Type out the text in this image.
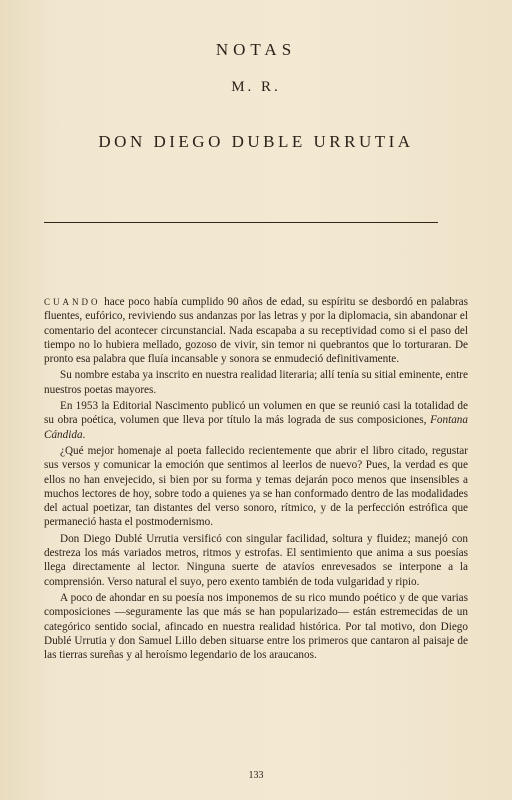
NOTAS
M. R.
DON DIEGO DUBLE URRUTIA

CUANDO hace poco había cumplido 90 años de edad, su espíritu se desbordó en palabras fluentes, eufórico, reviviendo sus andanzas por las letras y por la diplomacia, sin abandonar el comentario del acontecer circunstancial. Nada escapaba a su receptividad como si el paso del tiempo no lo hubiera mellado, gozoso de vivir, sin temor ni quebrantos que lo torturaran. De pronto esa palabra que fluía incansable y sonora se enmudeció definitivamente.

Su nombre estaba ya inscrito en nuestra realidad literaria; allí tenía su sitial eminente, entre nuestros poetas mayores.

En 1953 la Editorial Nascimento publicó un volumen en que se reunió casi la totalidad de su obra poética, volumen que lleva por título la más lograda de sus composiciones, Fontana Cándida.

¿Qué mejor homenaje al poeta fallecido recientemente que abrir el libro citado, regustar sus versos y comunicar la emoción que sentimos al leerlos de nuevo? Pues, la verdad es que ellos no han envejecido, si bien por su forma y temas dejarán poco menos que insensibles a muchos lectores de hoy, sobre todo a quienes ya se han conformado dentro de las modalidades del actual poetizar, tan distantes del verso sonoro, rítmico, y de la perfección estrófica que permaneció hasta el postmodernismo.

Don Diego Dublé Urrutia versificó con singular facilidad, soltura y fluidez; manejó con destreza los más variados metros, ritmos y estrofas. El sentimiento que anima a sus poesías llega directamente al lector. Ninguna suerte de atavíos enrevesados se interpone a la comprensión. Verso natural el suyo, pero exento también de toda vulgaridad y ripio.

A poco de ahondar en su poesía nos imponemos de su rico mundo poético y de que varias composiciones —seguramente las que más se han popularizado— están estremecidas de un categórico sentido social, afincado en nuestra realidad histórica. Por tal motivo, don Diego Dublé Urrutia y don Samuel Lillo deben situarse entre los primeros que cantaron al paisaje de las tierras sureñas y al heroísmo legendario de los araucanos.

133
